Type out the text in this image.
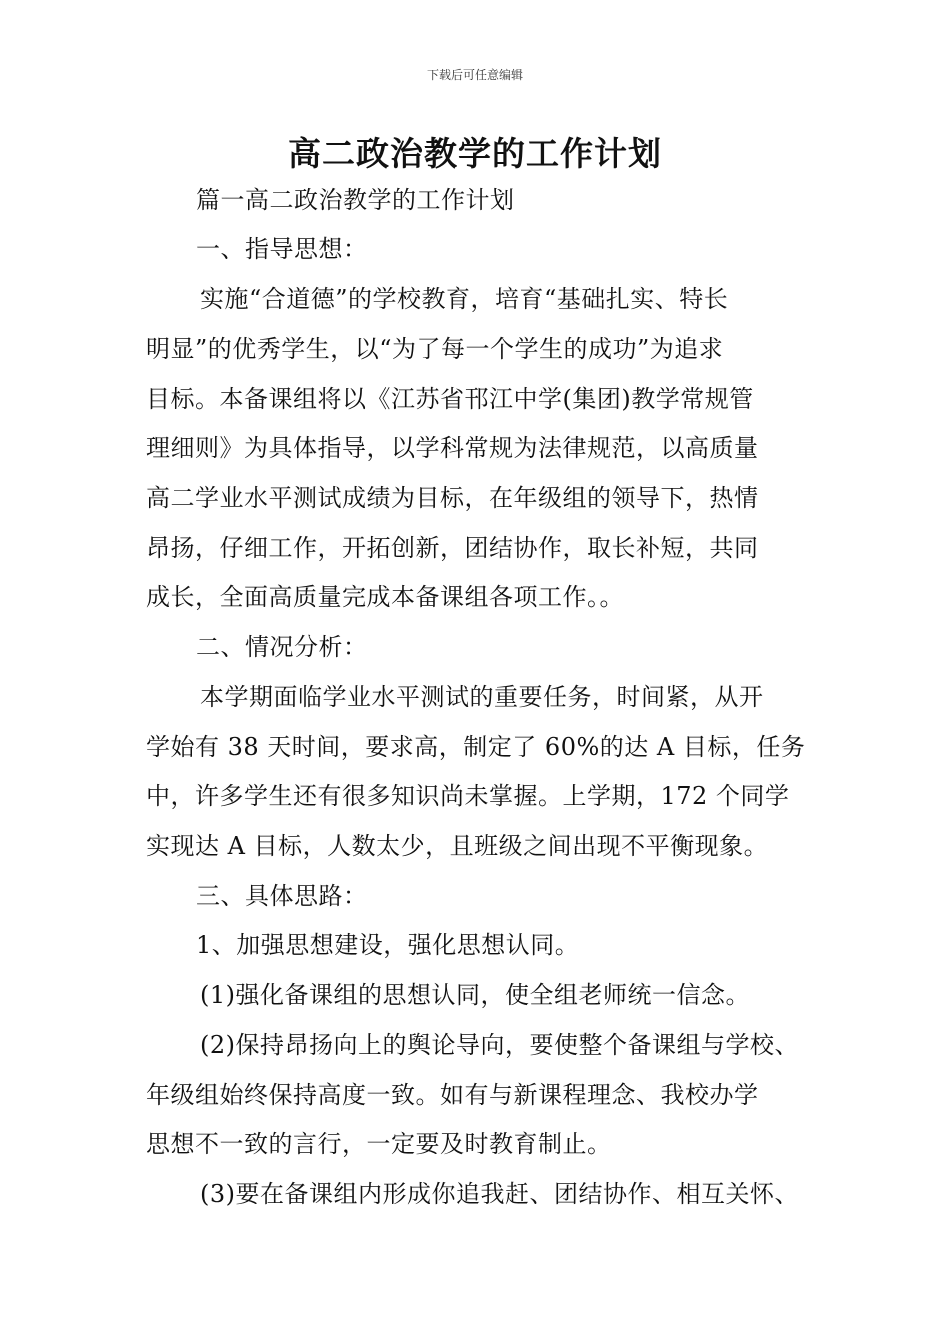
下载后可任意编辑
高二政治教学的工作计划
篇一高二政治教学的工作计划
一、指导思想：
实施“合道德”的学校教育，培育“基础扎实、特长
明显”的优秀学生，以“为了每一个学生的成功”为追求
目标。本备课组将以《江苏省邗江中学(集团)教学常规管
理细则》为具体指导，以学科常规为法律规范，以高质量
高二学业水平测试成绩为目标，在年级组的领导下，热情
昂扬，仔细工作，开拓创新，团结协作，取长补短，共同
成长，全面高质量完成本备课组各项工作。。
二、情况分析：
本学期面临学业水平测试的重要任务，时间紧，从开
学始有 38 天时间，要求高，制定了 60%的达 A 目标，任务
中，许多学生还有很多知识尚未掌握。上学期，172 个同学
实现达 A 目标，人数太少，且班级之间出现不平衡现象。
三、具体思路：
1、加强思想建设，强化思想认同。
(1)强化备课组的思想认同，使全组老师统一信念。
(2)保持昂扬向上的舆论导向，要使整个备课组与学校、
年级组始终保持高度一致。如有与新课程理念、我校办学
思想不一致的言行，一定要及时教育制止。
(3)要在备课组内形成你追我赶、团结协作、相互关怀、
